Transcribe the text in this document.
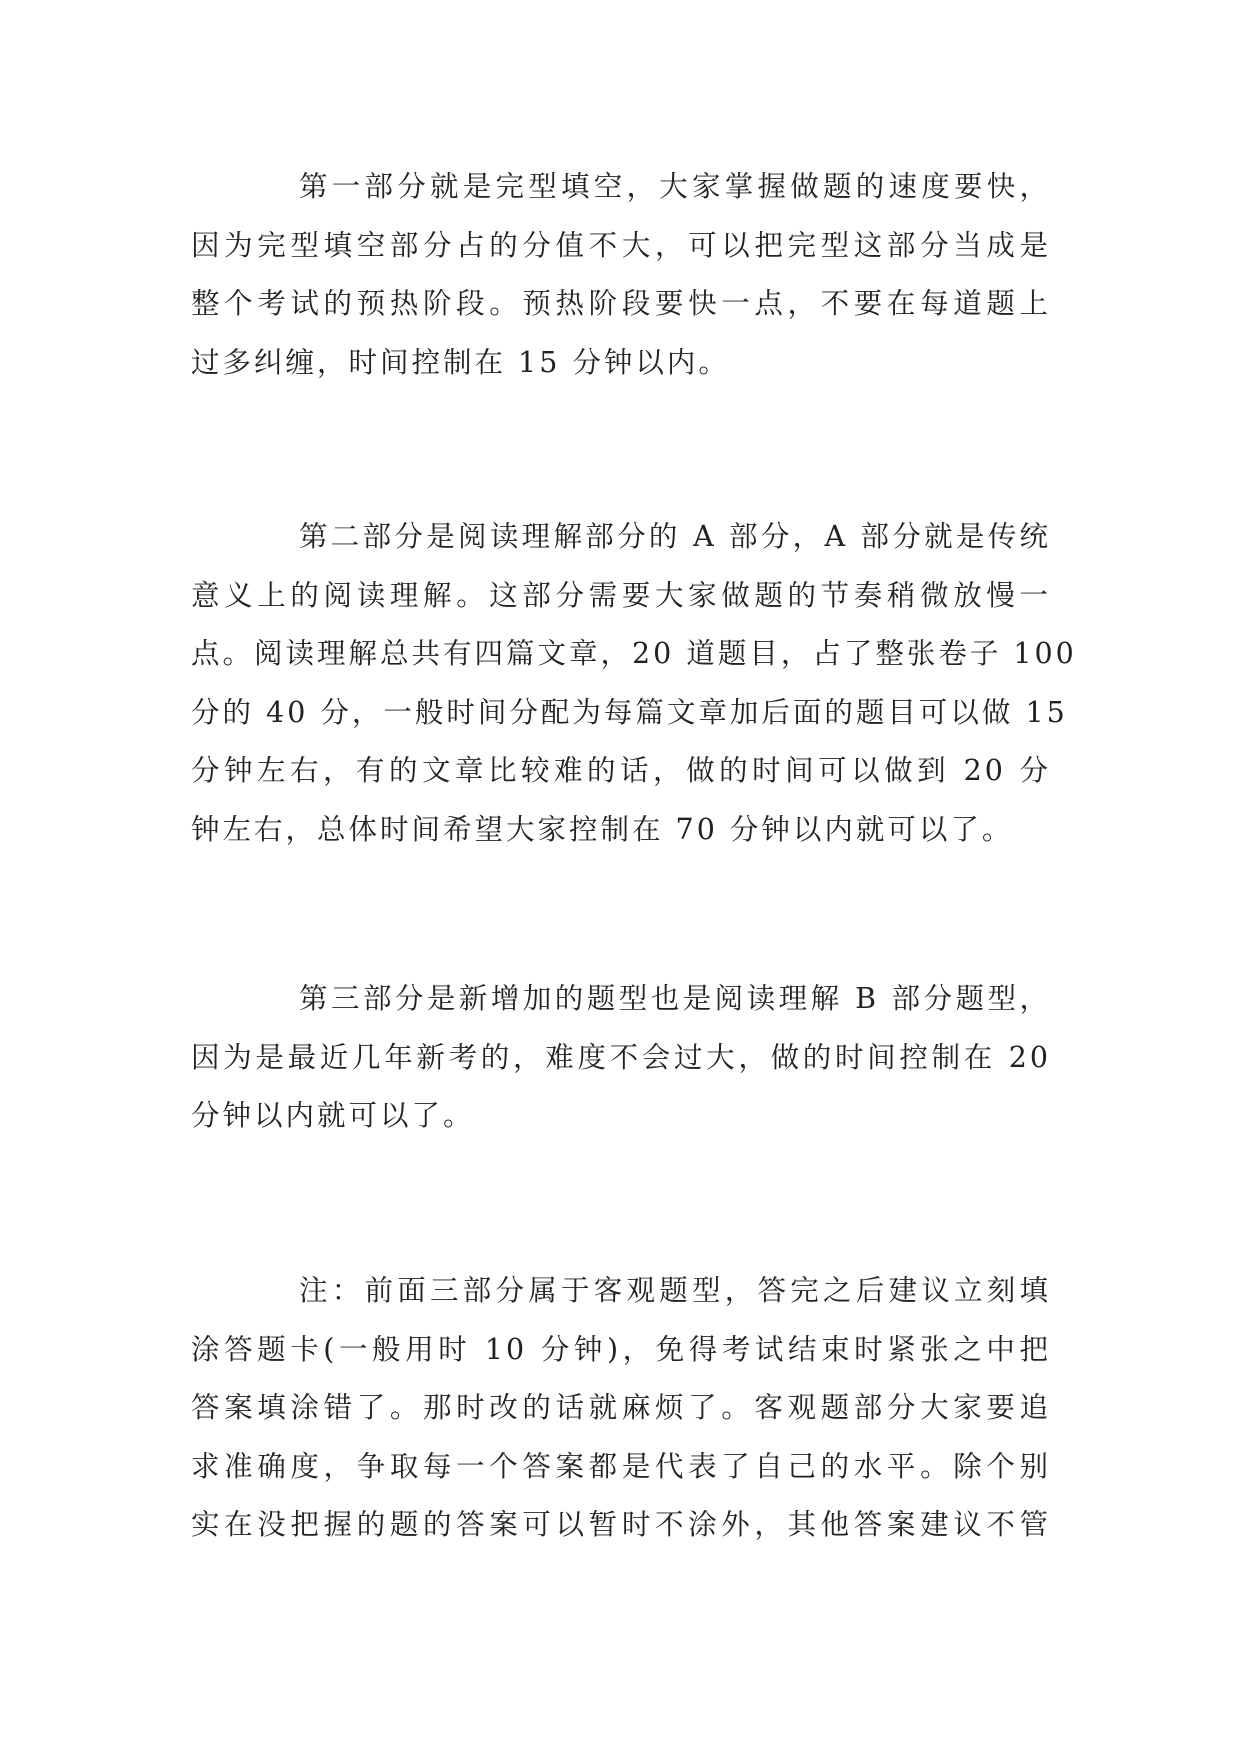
第一部分就是完型填空，大家掌握做题的速度要快，
因为完型填空部分占的分值不大，可以把完型这部分当成是
整个考试的预热阶段。预热阶段要快一点，不要在每道题上
过多纠缠，时间控制在 15 分钟以内。

第二部分是阅读理解部分的 A 部分，A 部分就是传统
意义上的阅读理解。这部分需要大家做题的节奏稍微放慢一
点。阅读理解总共有四篇文章，20 道题目，占了整张卷子 100
分的 40 分，一般时间分配为每篇文章加后面的题目可以做 15
分钟左右，有的文章比较难的话，做的时间可以做到 20 分
钟左右，总体时间希望大家控制在 70 分钟以内就可以了。

第三部分是新增加的题型也是阅读理解 B 部分题型，
因为是最近几年新考的，难度不会过大，做的时间控制在 20
分钟以内就可以了。

注：前面三部分属于客观题型，答完之后建议立刻填
涂答题卡(一般用时 10 分钟)，免得考试结束时紧张之中把
答案填涂错了。那时改的话就麻烦了。客观题部分大家要追
求准确度，争取每一个答案都是代表了自己的水平。除个别
实在没把握的题的答案可以暂时不涂外，其他答案建议不管
